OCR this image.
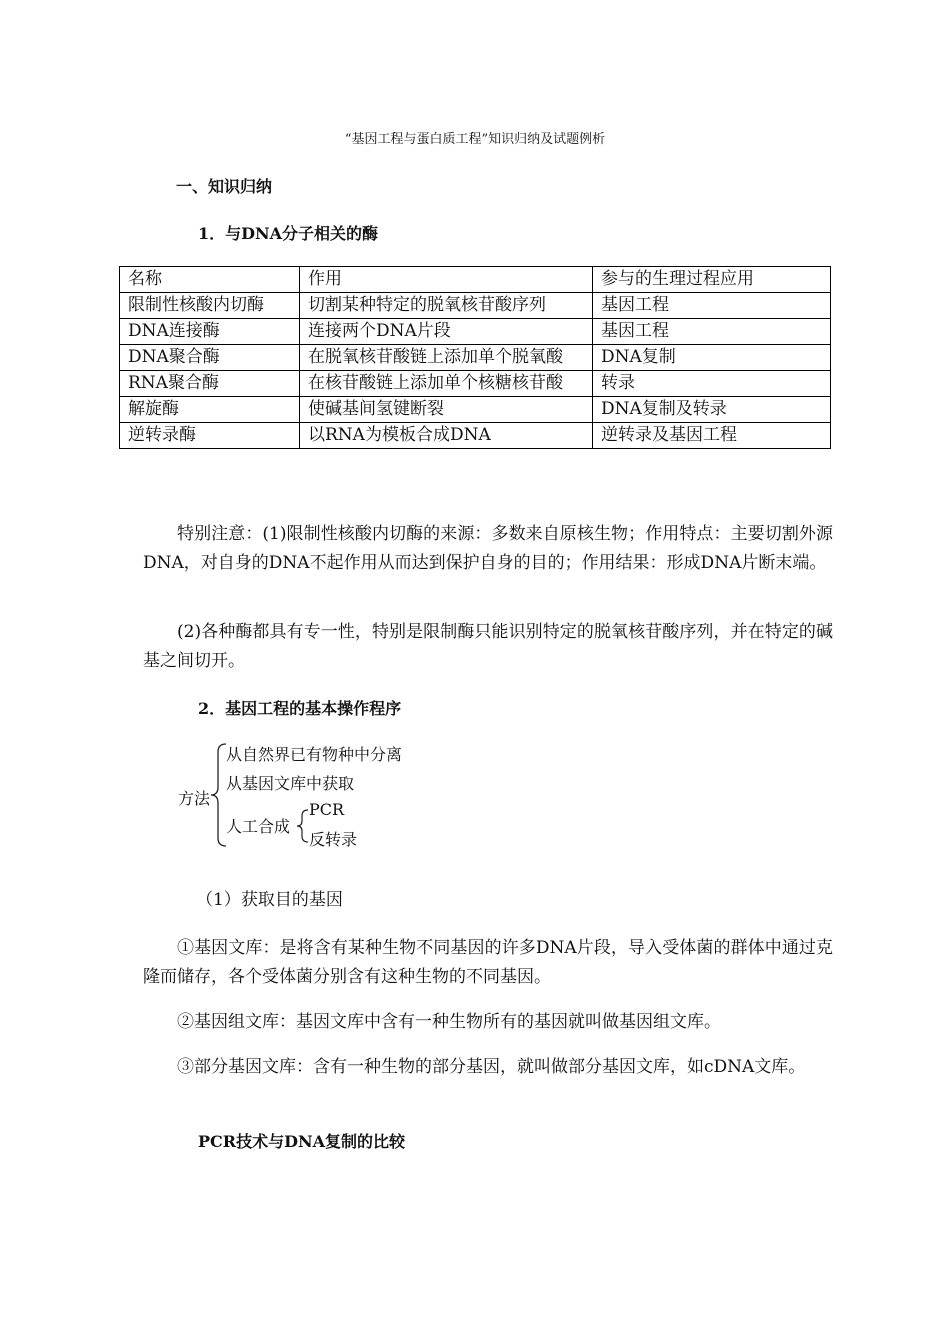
“基因工程与蛋白质工程”知识归纳及试题例析
一、知识归纳
1．与DNA分子相关的酶
名称	作用	参与的生理过程应用
限制性核酸内切酶	切割某种特定的脱氧核苷酸序列	基因工程
DNA连接酶	连接两个DNA片段	基因工程
DNA聚合酶	在脱氧核苷酸链上添加单个脱氧酸	DNA复制
RNA聚合酶	在核苷酸链上添加单个核糖核苷酸	转录
解旋酶	使碱基间氢键断裂	DNA复制及转录
逆转录酶	以RNA为模板合成DNA	逆转录及基因工程
特别注意：(1)限制性核酸内切酶的来源：多数来自原核生物；作用特点：主要切割外源DNA，对自身的DNA不起作用从而达到保护自身的目的；作用结果：形成DNA片断末端。
(2)各种酶都具有专一性，特别是限制酶只能识别特定的脱氧核苷酸序列，并在特定的碱基之间切开。
2．基因工程的基本操作程序
方法
从自然界已有物种中分离
从基因文库中获取
人工合成
PCR
反转录
（1）获取目的基因
①基因文库：是将含有某种生物不同基因的许多DNA片段，导入受体菌的群体中通过克隆而储存，各个受体菌分别含有这种生物的不同基因。
②基因组文库：基因文库中含有一种生物所有的基因就叫做基因组文库。
③部分基因文库：含有一种生物的部分基因，就叫做部分基因文库，如cDNA文库。
PCR技术与DNA复制的比较
